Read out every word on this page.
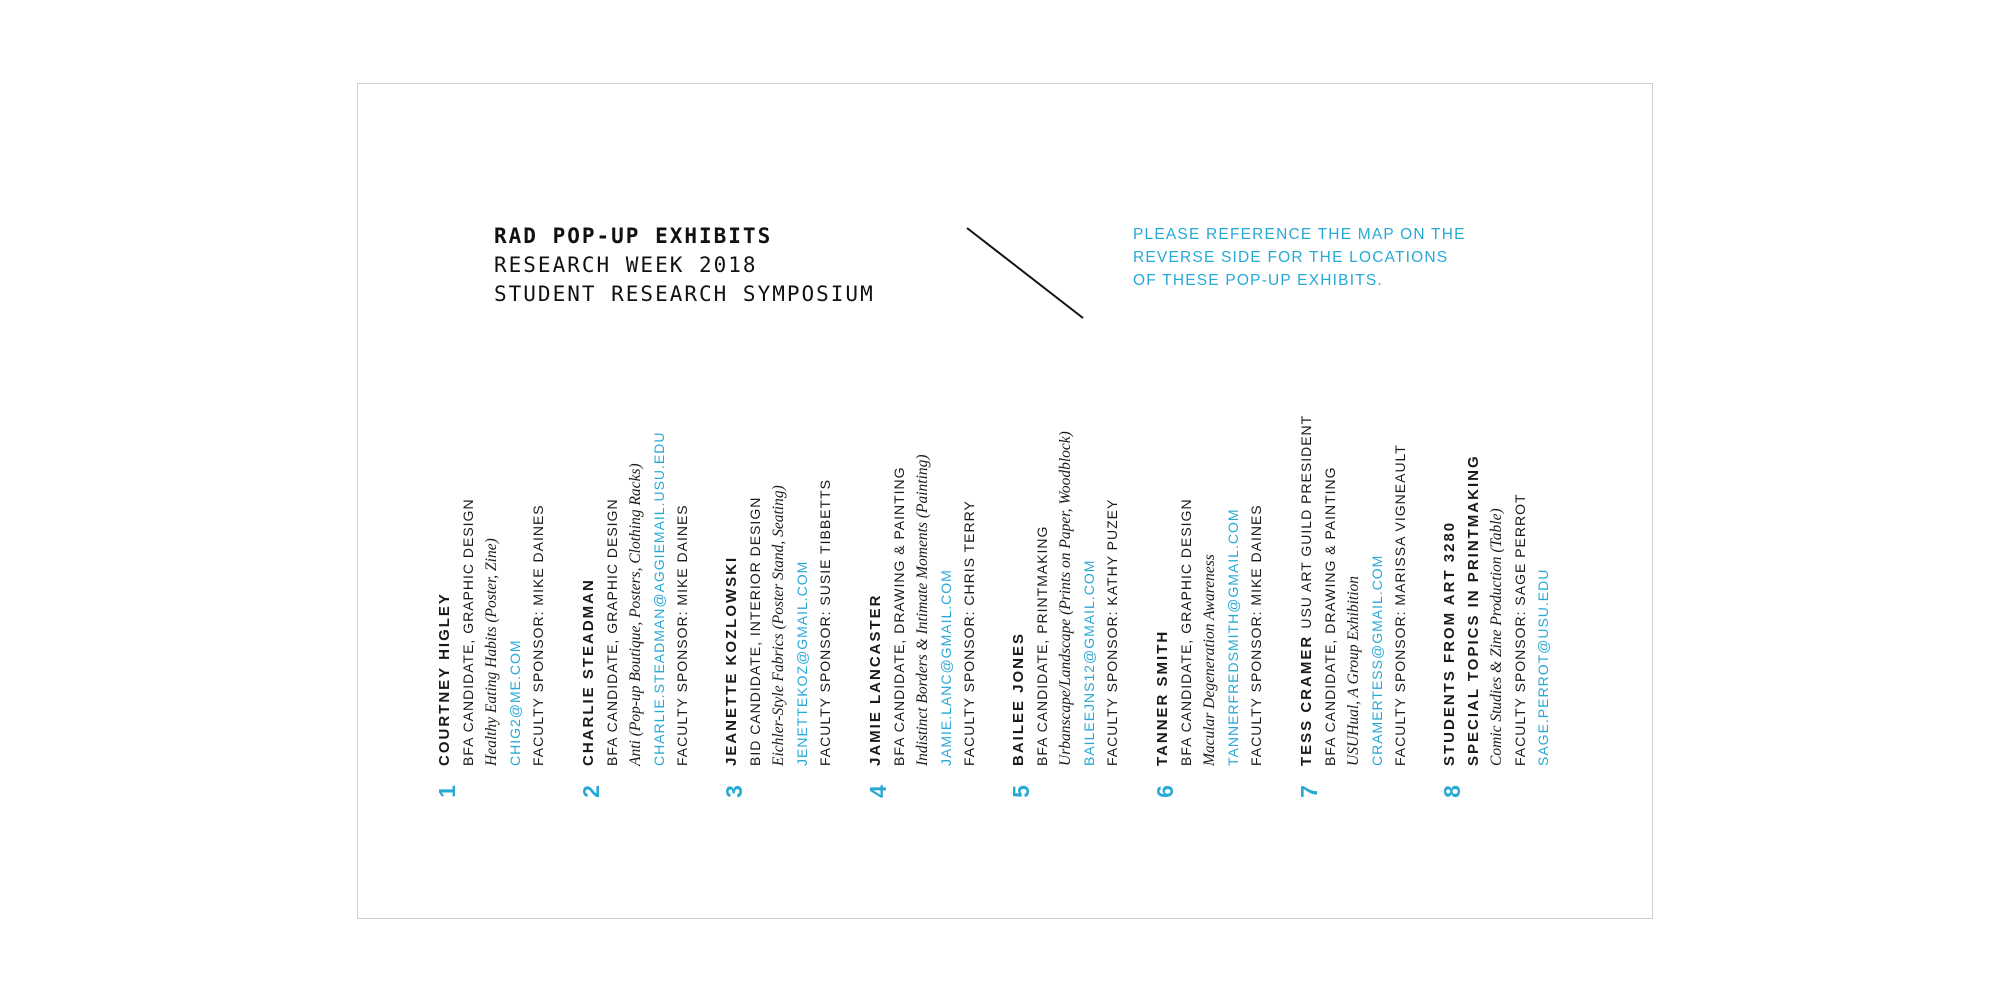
RAD POP-UP EXHIBITS
RESEARCH WEEK 2018
STUDENT RESEARCH SYMPOSIUM
PLEASE REFERENCE THE MAP ON THE REVERSE SIDE FOR THE LOCATIONS OF THESE POP-UP EXHIBITS.
1
COURTNEY HIGLEY BFA CANDIDATE, GRAPHIC DESIGN Healthy Eating Habits (Poster, Zine) CHIG2@ME.COM FACULTY SPONSOR: MIKE DAINES
2
CHARLIE STEADMAN BFA CANDIDATE, GRAPHIC DESIGN Anti (Pop-up Boutique, Posters, Clothing Racks) CHARLIE.STEADMAN@AGGIEMAIL.USU.EDU FACULTY SPONSOR: MIKE DAINES
3
JEANETTE KOZLOWSKI BID CANDIDATE, INTERIOR DESIGN Eichler-Style Fabrics (Poster Stand, Seating) JENETTEKOZ@GMAIL.COM FACULTY SPONSOR: SUSIE TIBBETTS
4
JAMIE LANCASTER BFA CANDIDATE, DRAWING & PAINTING Indistinct Borders & Intimate Moments (Painting) JAMIE.LANC@GMAIL.COM FACULTY SPONSOR: CHRIS TERRY
5
BAILEE JONES BFA CANDIDATE, PRINTMAKING Urbanscape/Landscape (Prints on Paper, Woodblock) BAILEEJNS12@GMAIL.COM FACULTY SPONSOR: KATHY PUZEY
6
TANNER SMITH BFA CANDIDATE, GRAPHIC DESIGN Macular Degeneration Awareness TANNERFREDSMITH@GMAIL.COM FACULTY SPONSOR: MIKE DAINES
7
TESS CRAMER USU ART GUILD PRESIDENT BFA CANDIDATE, DRAWING & PAINTING USUHual, A Group Exhibition CRAMERTESS@GMAIL.COM FACULTY SPONSOR: MARISSA VIGNEAULT
8
STUDENTS FROM ART 3280 SPECIAL TOPICS IN PRINTMAKING Comic Studies & Zine Production (Table) FACULTY SPONSOR: SAGE PERROT SAGE.PERROT@USU.EDU
